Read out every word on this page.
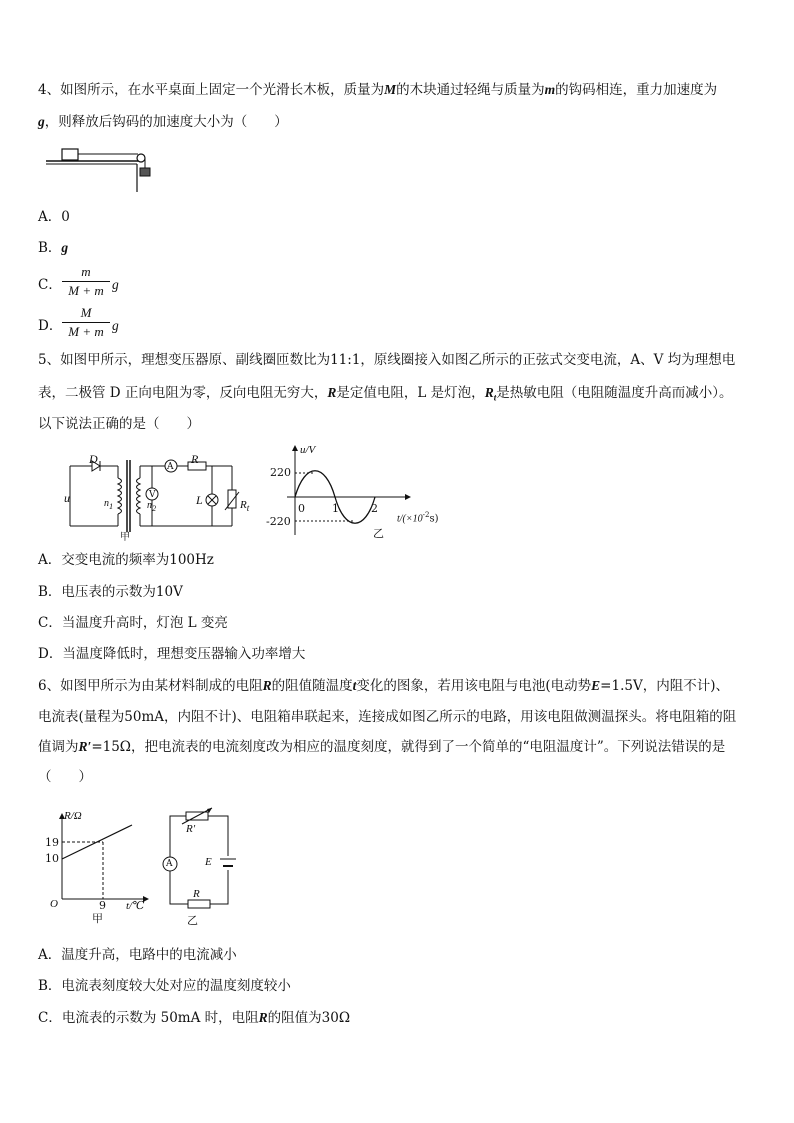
4、如图所示，在水平桌面上固定一个光滑长木板，质量为M的木块通过轻绳与质量为m的钩码相连，重力加速度为
g，则释放后钩码的加速度大小为（　　）
A．0
B．g
C．
m
M + m g
D．
M
M + m g
5、如图甲所示，理想变压器原、副线圈匝数比为11:1，原线圈接入如图乙所示的正弦式交变电流，A、V 均为理想电
表，二极管 D 正向电阻为零，反向电阻无穷大，R是定值电阻，L 是灯泡，$R_t$是热敏电阻（电阻随温度升高而减小）。
以下说法正确的是（　　）
D
u	$n_1$	$n_2$
A
V
R
L	$R_t$
甲
u/V
220
-220
0 1	2
$t/(\times 10^{-2}s)$
乙
A．交变电流的频率为100Hz
B．电压表的示数为10V
C．当温度升高时，灯泡 L 变亮
D．当温度降低时，理想变压器输入功率增大
6、如图甲所示为由某材料制成的电阻R的阻值随温度t变化的图象，若用该电阻与电池(电动势E=1.5V，内阻不计)、
电流表(量程为50mA，内阻不计)、电阻箱串联起来，连接成如图乙所示的电路，用该电阻做测温探头。将电阻箱的阻
值调为R′=15Ω，把电流表的电流刻度改为相应的温度刻度，就得到了一个简单的“电阻温度计”。下列说法错误的是
（　　）
R/Ω
19
10
O	9 t/℃
甲
R′
A	E
R
乙
A．温度升高，电路中的电流减小
B．电流表刻度较大处对应的温度刻度较小
C．电流表的示数为 50mA 时，电阻R的阻值为30Ω
